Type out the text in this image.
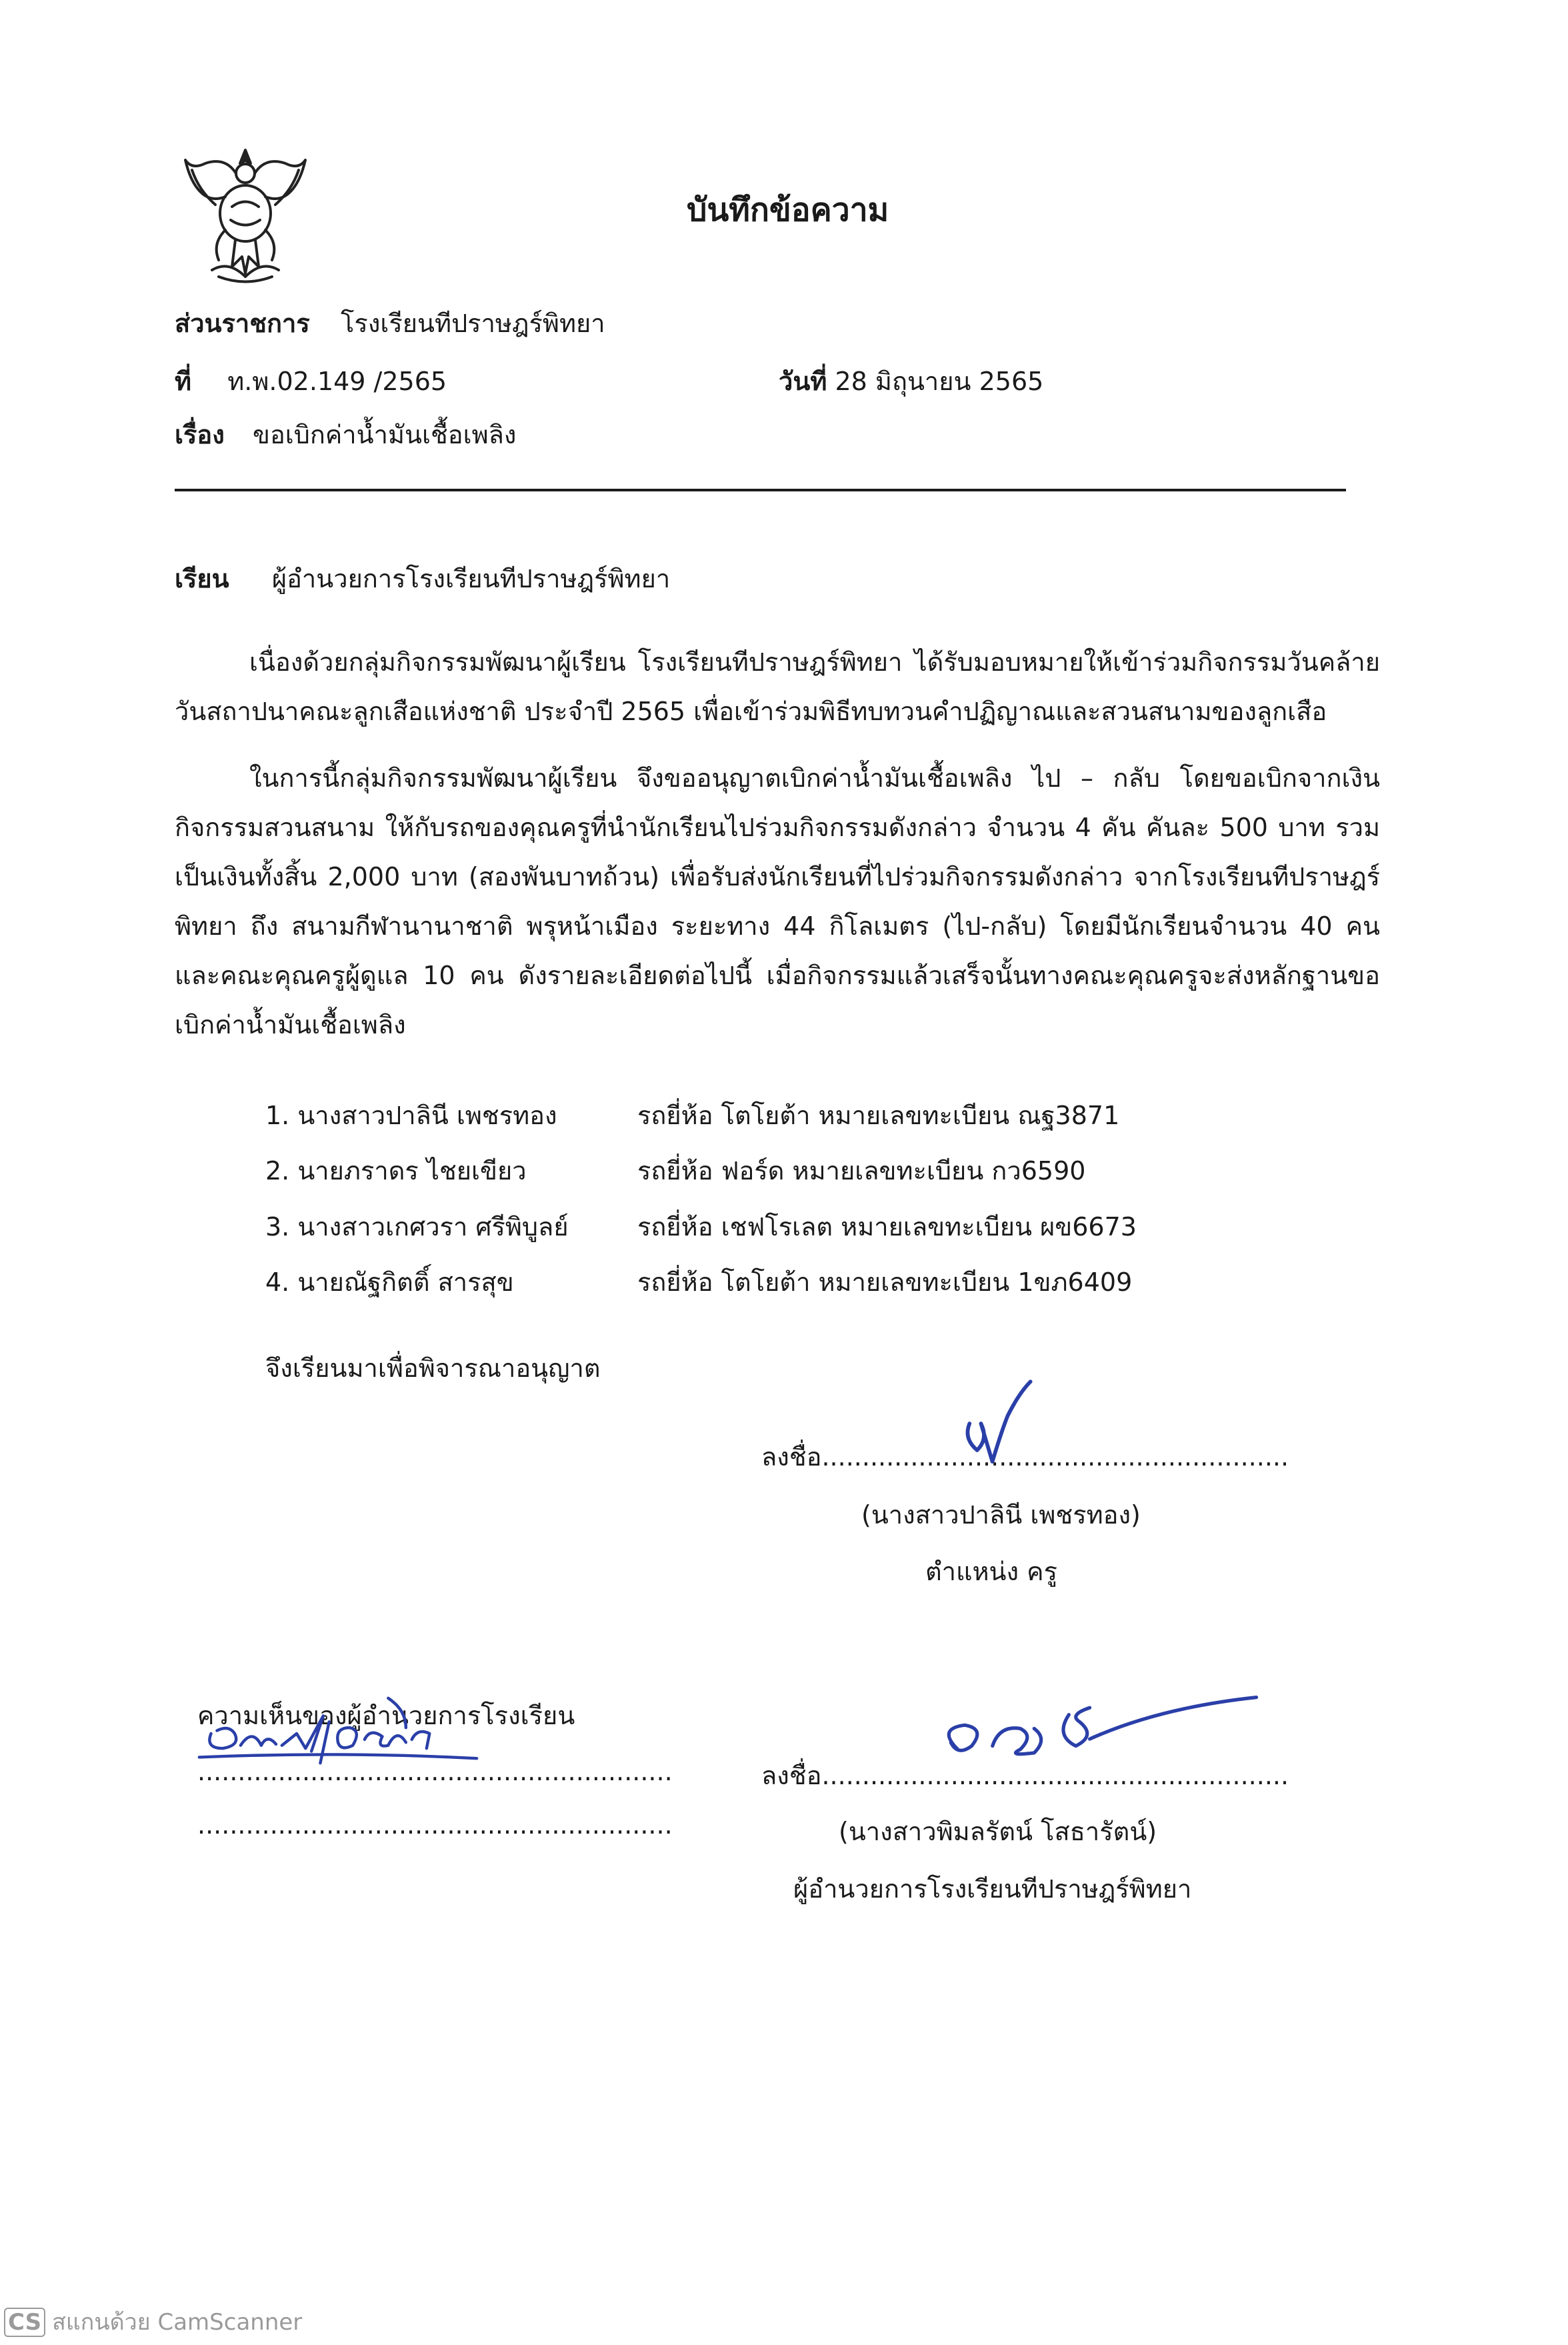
บันทึกข้อความ
ส่วนราชการ โรงเรียนทีปราษฎร์พิทยา
ที่ ท.พ.02.149 /2565	วันที่ 28 มิถุนายน 2565
เรื่อง ขอเบิกค่าน้ำมันเชื้อเพลิง
เรียน ผู้อำนวยการโรงเรียนทีปราษฎร์พิทยา
เนื่องด้วยกลุ่มกิจกรรมพัฒนาผู้เรียน โรงเรียนทีปราษฎร์พิทยา ได้รับมอบหมายให้เข้าร่วมกิจกรรมวันคล้ายวันสถาปนาคณะลูกเสือแห่งชาติ ประจำปี 2565 เพื่อเข้าร่วมพิธีทบทวนคำปฏิญาณและสวนสนามของลูกเสือ
ในการนี้กลุ่มกิจกรรมพัฒนาผู้เรียน จึงขออนุญาตเบิกค่าน้ำมันเชื้อเพลิง ไป – กลับ โดยขอเบิกจากเงินกิจกรรมสวนสนาม ให้กับรถของคุณครูที่นำนักเรียนไปร่วมกิจกรรมดังกล่าว จำนวน 4 คัน คันละ 500 บาท รวมเป็นเงินทั้งสิ้น 2,000 บาท (สองพันบาทถ้วน) เพื่อรับส่งนักเรียนที่ไปร่วมกิจกรรมดังกล่าว จากโรงเรียนทีปราษฎร์พิทยา ถึง สนามกีฬานานาชาติ พรุหน้าเมือง ระยะทาง 44 กิโลเมตร (ไป-กลับ) โดยมีนักเรียนจำนวน 40 คน และคณะคุณครูผู้ดูแล 10 คน ดังรายละเอียดต่อไปนี้ เมื่อกิจกรรมแล้วเสร็จนั้นทางคณะคุณครูจะส่งหลักฐานขอเบิกค่าน้ำมันเชื้อเพลิง
1. นางสาวปาลินี เพชรทอง	รถยี่ห้อ โตโยต้า หมายเลขทะเบียน ณฐ3871
2. นายภราดร ไชยเขียว	รถยี่ห้อ ฟอร์ด หมายเลขทะเบียน กว6590
3. นางสาวเกศวรา ศรีพิบูลย์	รถยี่ห้อ เชฟโรเลต หมายเลขทะเบียน ผข6673
4. นายณัฐกิตติ์ สารสุข	รถยี่ห้อ โตโยต้า หมายเลขทะเบียน 1ขภ6409
จึงเรียนมาเพื่อพิจารณาอนุญาต
ลงชื่อ..........................................................
(นางสาวปาลินี เพชรทอง)
ตำแหน่ง ครู
ความเห็นของผู้อำนวยการโรงเรียน
...........................................................
...........................................................
ลงชื่อ..........................................................
(นางสาวพิมลรัตน์ โสธารัตน์)
ผู้อำนวยการโรงเรียนทีปราษฎร์พิทยา
CS สแกนด้วย CamScanner
